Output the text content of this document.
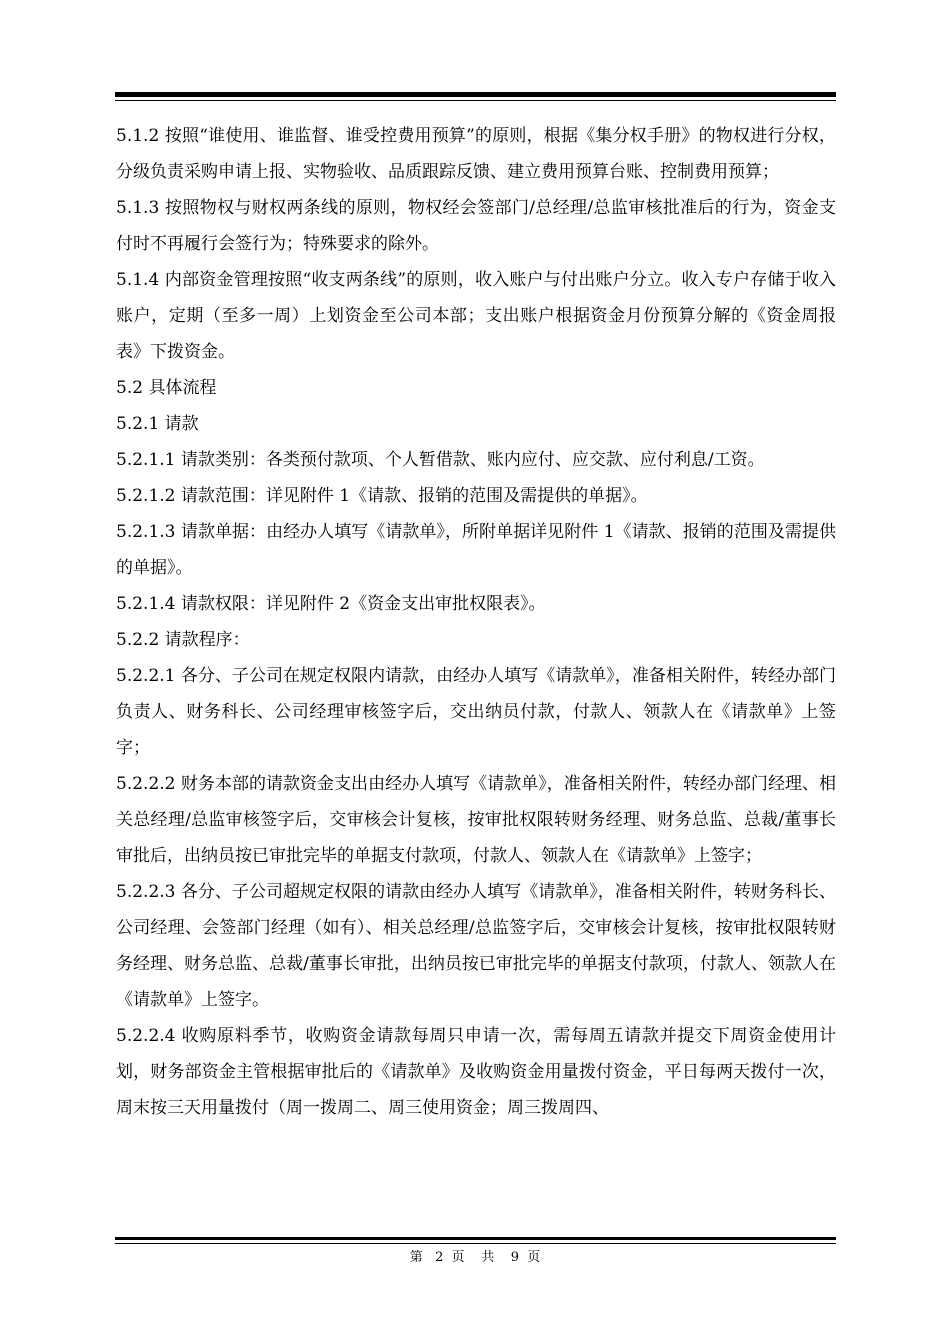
5.1.2 按照“谁使用、谁监督、谁受控费用预算”的原则，根据《集分权手册》的物权进行分权，分级负责采购申请上报、实物验收、品质跟踪反馈、建立费用预算台账、控制费用预算；

5.1.3 按照物权与财权两条线的原则，物权经会签部门/总经理/总监审核批准后的行为，资金支付时不再履行会签行为；特殊要求的除外。

5.1.4 内部资金管理按照“收支两条线”的原则，收入账户与付出账户分立。收入专户存储于收入账户，定期（至多一周）上划资金至公司本部；支出账户根据资金月份预算分解的《资金周报表》下拨资金。

5.2 具体流程

5.2.1 请款

5.2.1.1 请款类别：各类预付款项、个人暂借款、账内应付、应交款、应付利息/工资。

5.2.1.2 请款范围：详见附件 1《请款、报销的范围及需提供的单据》。

5.2.1.3 请款单据：由经办人填写《请款单》，所附单据详见附件 1《请款、报销的范围及需提供的单据》。

5.2.1.4 请款权限：详见附件 2《资金支出审批权限表》。

5.2.2 请款程序：

5.2.2.1 各分、子公司在规定权限内请款，由经办人填写《请款单》，准备相关附件，转经办部门负责人、财务科长、公司经理审核签字后，交出纳员付款，付款人、领款人在《请款单》上签字；

5.2.2.2 财务本部的请款资金支出由经办人填写《请款单》，准备相关附件，转经办部门经理、相关总经理/总监审核签字后，交审核会计复核，按审批权限转财务经理、财务总监、总裁/董事长审批后，出纳员按已审批完毕的单据支付款项，付款人、领款人在《请款单》上签字；

5.2.2.3 各分、子公司超规定权限的请款由经办人填写《请款单》，准备相关附件，转财务科长、公司经理、会签部门经理（如有）、相关总经理/总监签字后，交审核会计复核，按审批权限转财务经理、财务总监、总裁/董事长审批，出纳员按已审批完毕的单据支付款项，付款人、领款人在《请款单》上签字。

5.2.2.4 收购原料季节，收购资金请款每周只申请一次，需每周五请款并提交下周资金使用计划，财务部资金主管根据审批后的《请款单》及收购资金用量拨付资金，平日每两天拨付一次，周末按三天用量拨付（周一拨周二、周三使用资金；周三拨周四、

第   2  页    共    9  页
